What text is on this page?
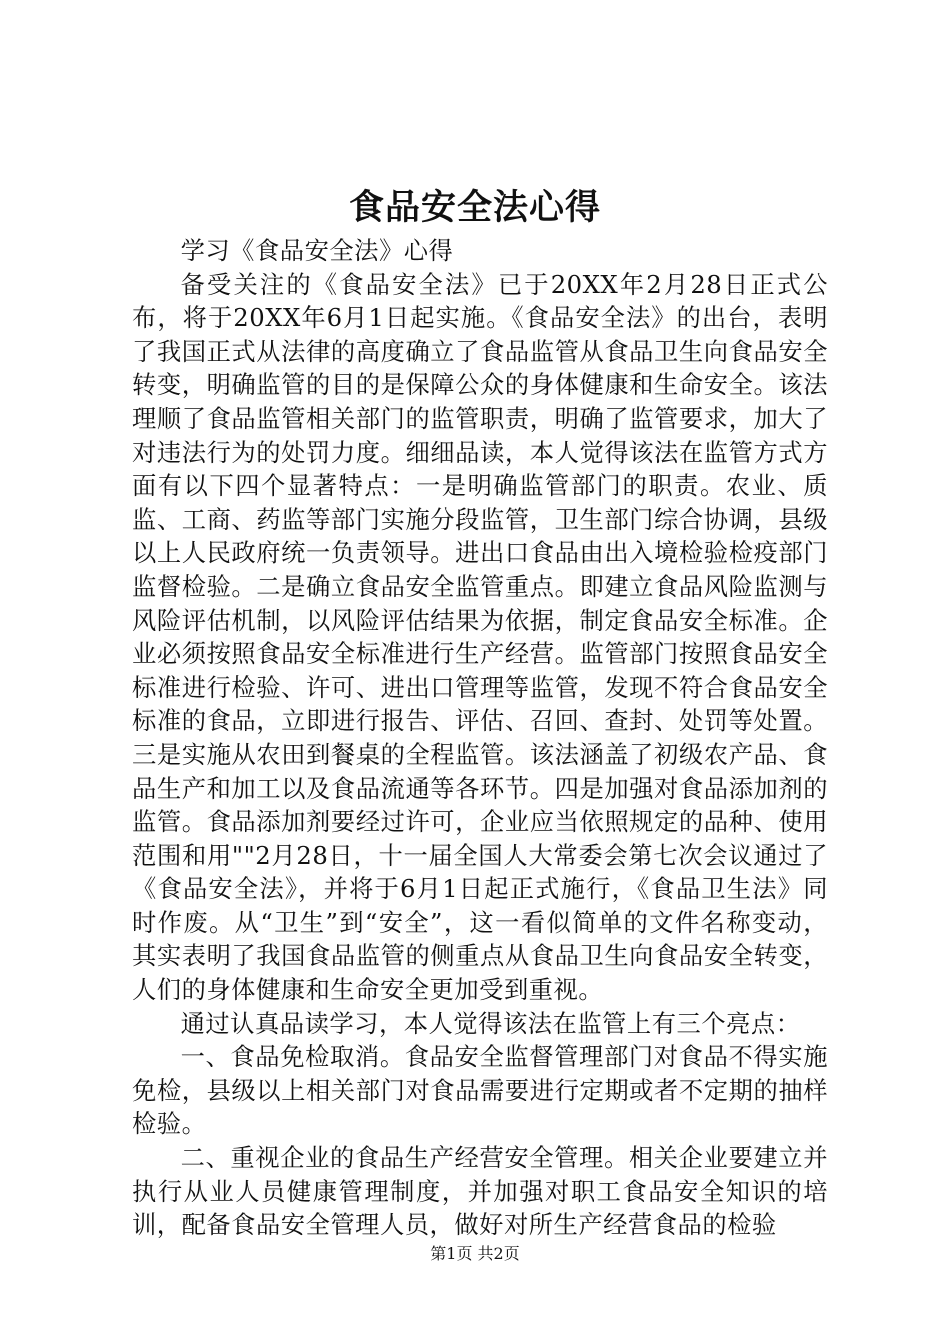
食品安全法心得

学习《食品安全法》心得

备受关注的《食品安全法》已于20XX年2月28日正式公布，将于20XX年6月1日起实施。《食品安全法》的出台，表明了我国正式从法律的高度确立了食品监管从食品卫生向食品安全转变，明确监管的目的是保障公众的身体健康和生命安全。该法理顺了食品监管相关部门的监管职责，明确了监管要求，加大了对违法行为的处罚力度。细细品读，本人觉得该法在监管方式方面有以下四个显著特点：一是明确监管部门的职责。农业、质监、工商、药监等部门实施分段监管，卫生部门综合协调，县级以上人民政府统一负责领导。进出口食品由出入境检验检疫部门监督检验。二是确立食品安全监管重点。即建立食品风险监测与风险评估机制，以风险评估结果为依据，制定食品安全标准。企业必须按照食品安全标准进行生产经营。监管部门按照食品安全标准进行检验、许可、进出口管理等监管，发现不符合食品安全标准的食品，立即进行报告、评估、召回、查封、处罚等处置。三是实施从农田到餐桌的全程监管。该法涵盖了初级农产品、食品生产和加工以及食品流通等各环节。四是加强对食品添加剂的监管。食品添加剂要经过许可，企业应当依照规定的品种、使用范围和用""2月28日，十一届全国人大常委会第七次会议通过了《食品安全法》，并将于6月1日起正式施行，《食品卫生法》同时作废。从“卫生”到“安全”，这一看似简单的文件名称变动，其实表明了我国食品监管的侧重点从食品卫生向食品安全转变，人们的身体健康和生命安全更加受到重视。

通过认真品读学习，本人觉得该法在监管上有三个亮点：

一、食品免检取消。食品安全监督管理部门对食品不得实施免检，县级以上相关部门对食品需要进行定期或者不定期的抽样检验。

二、重视企业的食品生产经营安全管理。相关企业要建立并执行从业人员健康管理制度，并加强对职工食品安全知识的培训，配备食品安全管理人员，做好对所生产经营食品的检验

第1页 共2页
